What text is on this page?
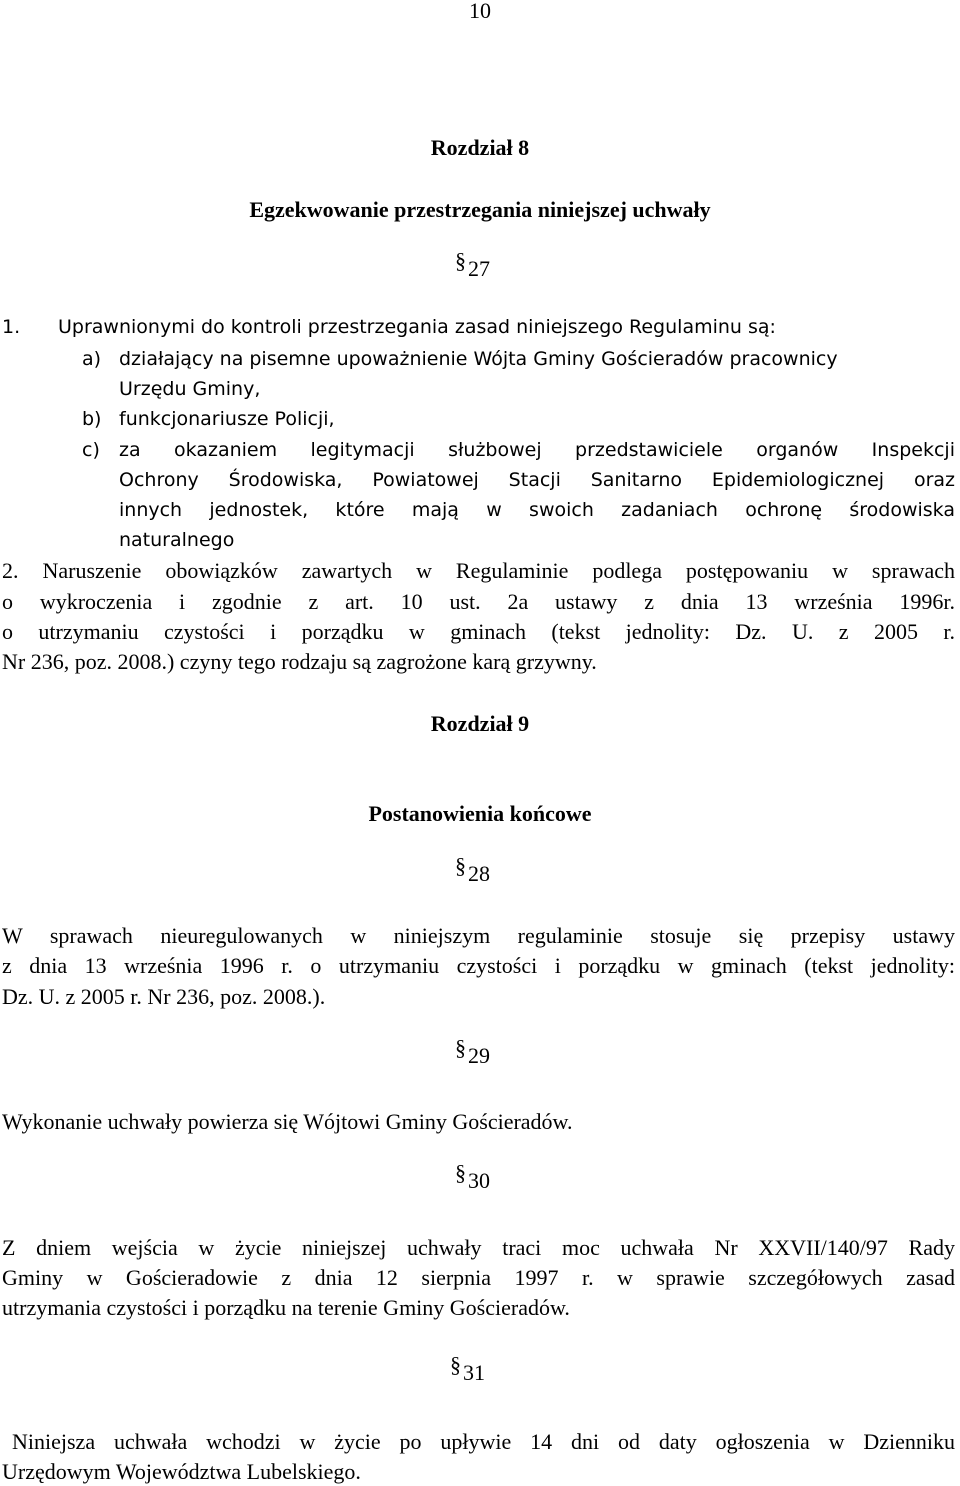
10
Rozdział 8
Egzekwowanie przestrzegania niniejszej uchwały
§ 27
1. Uprawnionymi do kontroli przestrzegania zasad niniejszego Regulaminu są:
a) działający na pisemne upoważnienie Wójta Gminy Gościeradów pracownicy
Urzędu Gminy,
b) funkcjonariusze Policji,
c) za okazaniem legitymacji służbowej przedstawiciele organów Inspekcji
Ochrony Środowiska, Powiatowej Stacji Sanitarno Epidemiologicznej oraz
innych jednostek, które mają w swoich zadaniach ochronę środowiska
naturalnego
2. Naruszenie obowiązków zawartych w Regulaminie podlega postępowaniu w sprawach
o wykroczenia i zgodnie z art. 10 ust. 2a ustawy z dnia 13 września 1996r.
o utrzymaniu czystości i porządku w gminach (tekst jednolity: Dz. U. z 2005 r.
Nr 236, poz. 2008.) czyny tego rodzaju są zagrożone karą grzywny.
Rozdział 9
Postanowienia końcowe
§ 28
W sprawach nieuregulowanych w niniejszym regulaminie stosuje się przepisy ustawy
z dnia 13 września 1996 r. o utrzymaniu czystości i porządku w gminach (tekst jednolity:
Dz. U. z 2005 r. Nr 236, poz. 2008.).
§ 29
Wykonanie uchwały powierza się Wójtowi Gminy Gościeradów.
§ 30
Z dniem wejścia w życie niniejszej uchwały traci moc uchwała Nr XXVII/140/97 Rady
Gminy w Gościeradowie z dnia 12 sierpnia 1997 r. w sprawie szczegółowych zasad
utrzymania czystości i porządku na terenie Gminy Gościeradów.
§ 31
Niniejsza uchwała wchodzi w życie po upływie 14 dni od daty ogłoszenia w Dzienniku
Urzędowym Województwa Lubelskiego.
